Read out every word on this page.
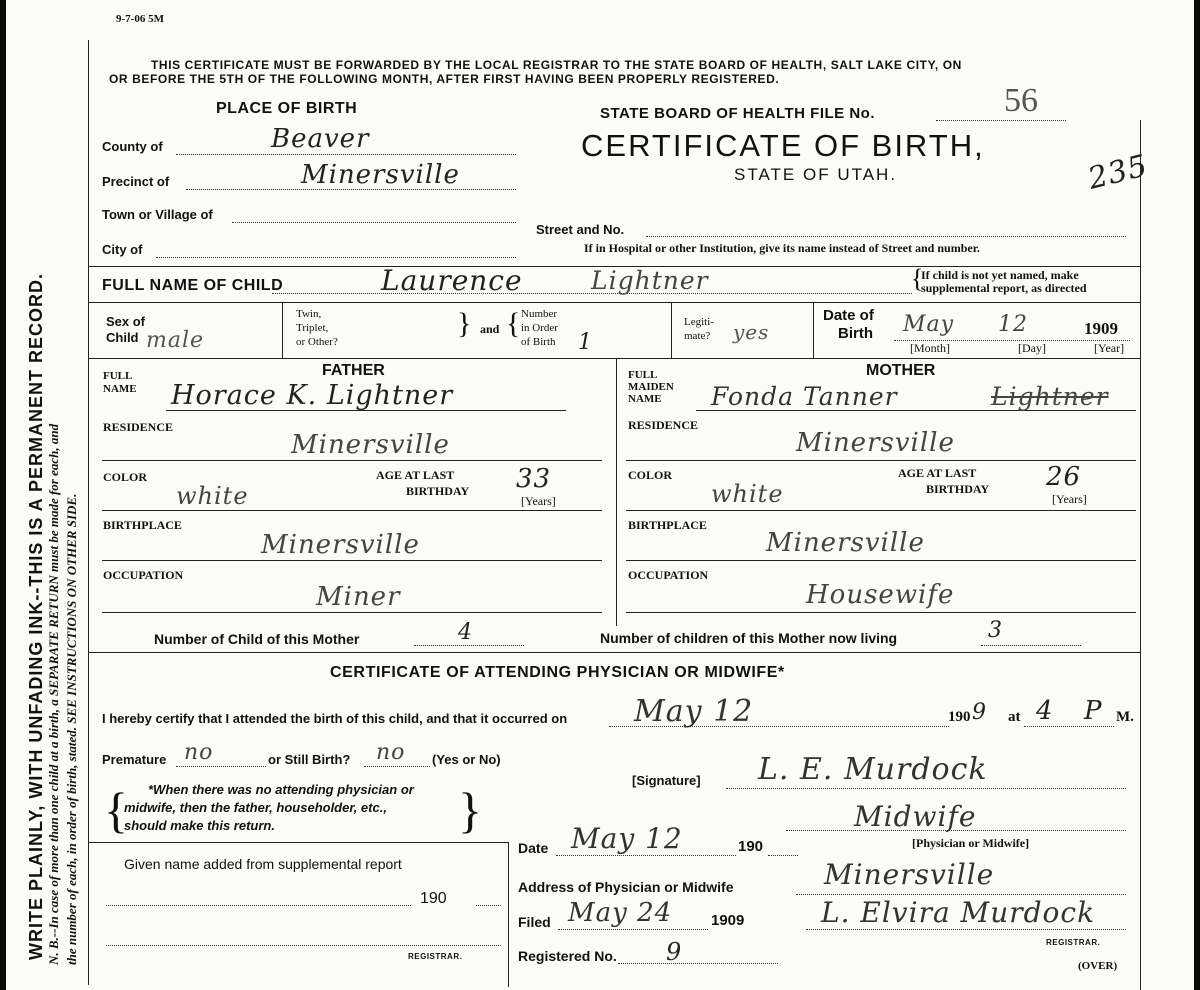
WRITE PLAINLY, WITH UNFADING INK--THIS IS A PERMANENT RECORD. N. B.--In case of more than one child at a birth, a SEPARATE RETURN must be made for each, and the number of each, in order of birth, stated. SEE INSTRUCTIONS ON OTHER SIDE.
9-7-06 5M
THIS CERTIFICATE MUST BE FORWARDED BY THE LOCAL REGISTRAR TO THE STATE BOARD OF HEALTH, SALT LAKE CITY, ON
OR BEFORE THE 5TH OF THE FOLLOWING MONTH, AFTER FIRST HAVING BEEN PROPERLY REGISTERED.
PLACE OF BIRTH
County of	Beaver
Precinct of	Minersville
Town or Village of
City of
Street and No.
If in Hospital or other Institution, give its name instead of Street and number.
STATE BOARD OF HEALTH FILE No.	56
235
CERTIFICATE OF BIRTH,
STATE OF UTAH.
FULL NAME OF CHILD	Laurence	Lightner	{
If child is not yet named, make
supplemental report, as directed
Sex of
Child male
Twin,
Triplet,
or Other?
} and { Number
in Order
of Birth 1
Legiti-
mate? yes
Date of
Birth May 12	1909
[Month]	[Day]	[Year]
FATHER
FULL
NAME Horace K. Lightner
RESIDENCE
Minersville
COLOR
white
AGE AT LAST
BIRTHDAY 33
[Years]
BIRTHPLACE
Minersville
OCCUPATION
Miner
MOTHER
FULL
MAIDEN
NAME Fonda Tanner	Lightner
RESIDENCE
Minersville
COLOR
white
AGE AT LAST
BIRTHDAY 26
[Years]
BIRTHPLACE
Minersville
OCCUPATION
Housewife
Number of Child of this Mother	4	Number of children of this Mother now living	3
CERTIFICATE OF ATTENDING PHYSICIAN OR MIDWIFE*
I hereby certify that I attended the birth of this child, and that it occurred on May 12	190 9 at 4 P M.
Premature no	or Still Birth? no (Yes or No)
{ *When there was no attending physician or
midwife, then the father, householder, etc.,
should make this return.	}
[Signature] L. E. Murdock
Midwife
[Physician or Midwife]
Given name added from supplemental report
190
REGISTRAR.
Date May 12	190
Address of Physician or Midwife	Minersville
Filed May 24	1909	L. Elvira Murdock
REGISTRAR.
Registered No. 9	(OVER)
